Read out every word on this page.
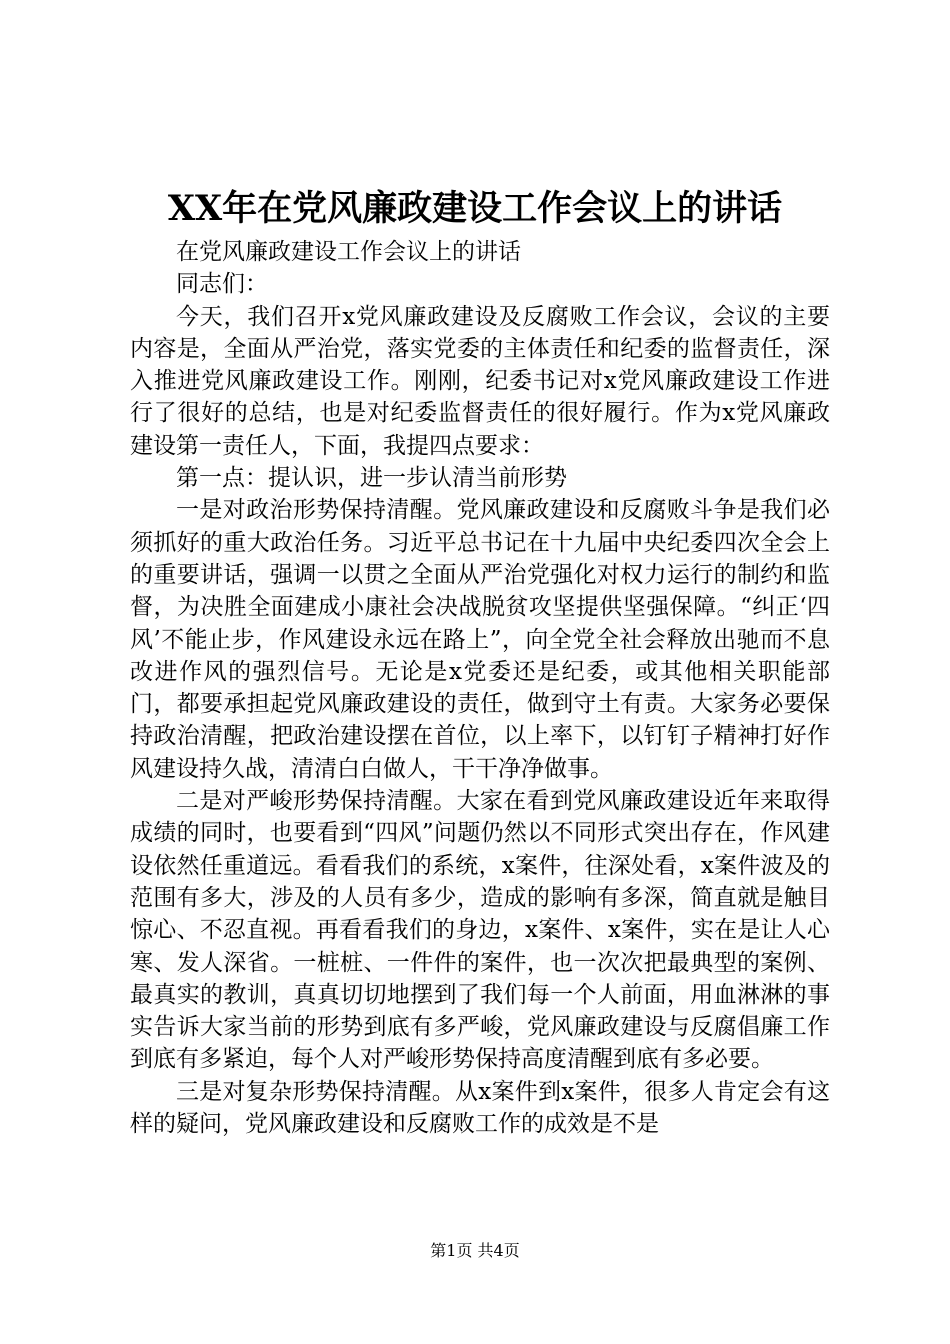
XX年在党风廉政建设工作会议上的讲话

在党风廉政建设工作会议上的讲话

同志们：

今天，我们召开x党风廉政建设及反腐败工作会议，会议的主要内容是，全面从严治党，落实党委的主体责任和纪委的监督责任，深入推进党风廉政建设工作。刚刚，纪委书记对x党风廉政建设工作进行了很好的总结，也是对纪委监督责任的很好履行。作为x党风廉政建设第一责任人，下面，我提四点要求：

第一点：提认识，进一步认清当前形势

一是对政治形势保持清醒。党风廉政建设和反腐败斗争是我们必须抓好的重大政治任务。习近平总书记在十九届中央纪委四次全会上的重要讲话，强调一以贯之全面从严治党强化对权力运行的制约和监督，为决胜全面建成小康社会决战脱贫攻坚提供坚强保障。“纠正‘四风’不能止步，作风建设永远在路上”，向全党全社会释放出驰而不息改进作风的强烈信号。无论是x党委还是纪委，或其他相关职能部门，都要承担起党风廉政建设的责任，做到守土有责。大家务必要保持政治清醒，把政治建设摆在首位，以上率下，以钉钉子精神打好作风建设持久战，清清白白做人，干干净净做事。

二是对严峻形势保持清醒。大家在看到党风廉政建设近年来取得成绩的同时，也要看到“四风”问题仍然以不同形式突出存在，作风建设依然任重道远。看看我们的系统，x案件，往深处看，x案件波及的范围有多大，涉及的人员有多少，造成的影响有多深，简直就是触目惊心、不忍直视。再看看我们的身边，x案件、x案件，实在是让人心寒、发人深省。一桩桩、一件件的案件，也一次次把最典型的案例、最真实的教训，真真切切地摆到了我们每一个人前面，用血淋淋的事实告诉大家当前的形势到底有多严峻，党风廉政建设与反腐倡廉工作到底有多紧迫，每个人对严峻形势保持高度清醒到底有多必要。

三是对复杂形势保持清醒。从x案件到x案件，很多人肯定会有这样的疑问，党风廉政建设和反腐败工作的成效是不是

第1页 共4页
